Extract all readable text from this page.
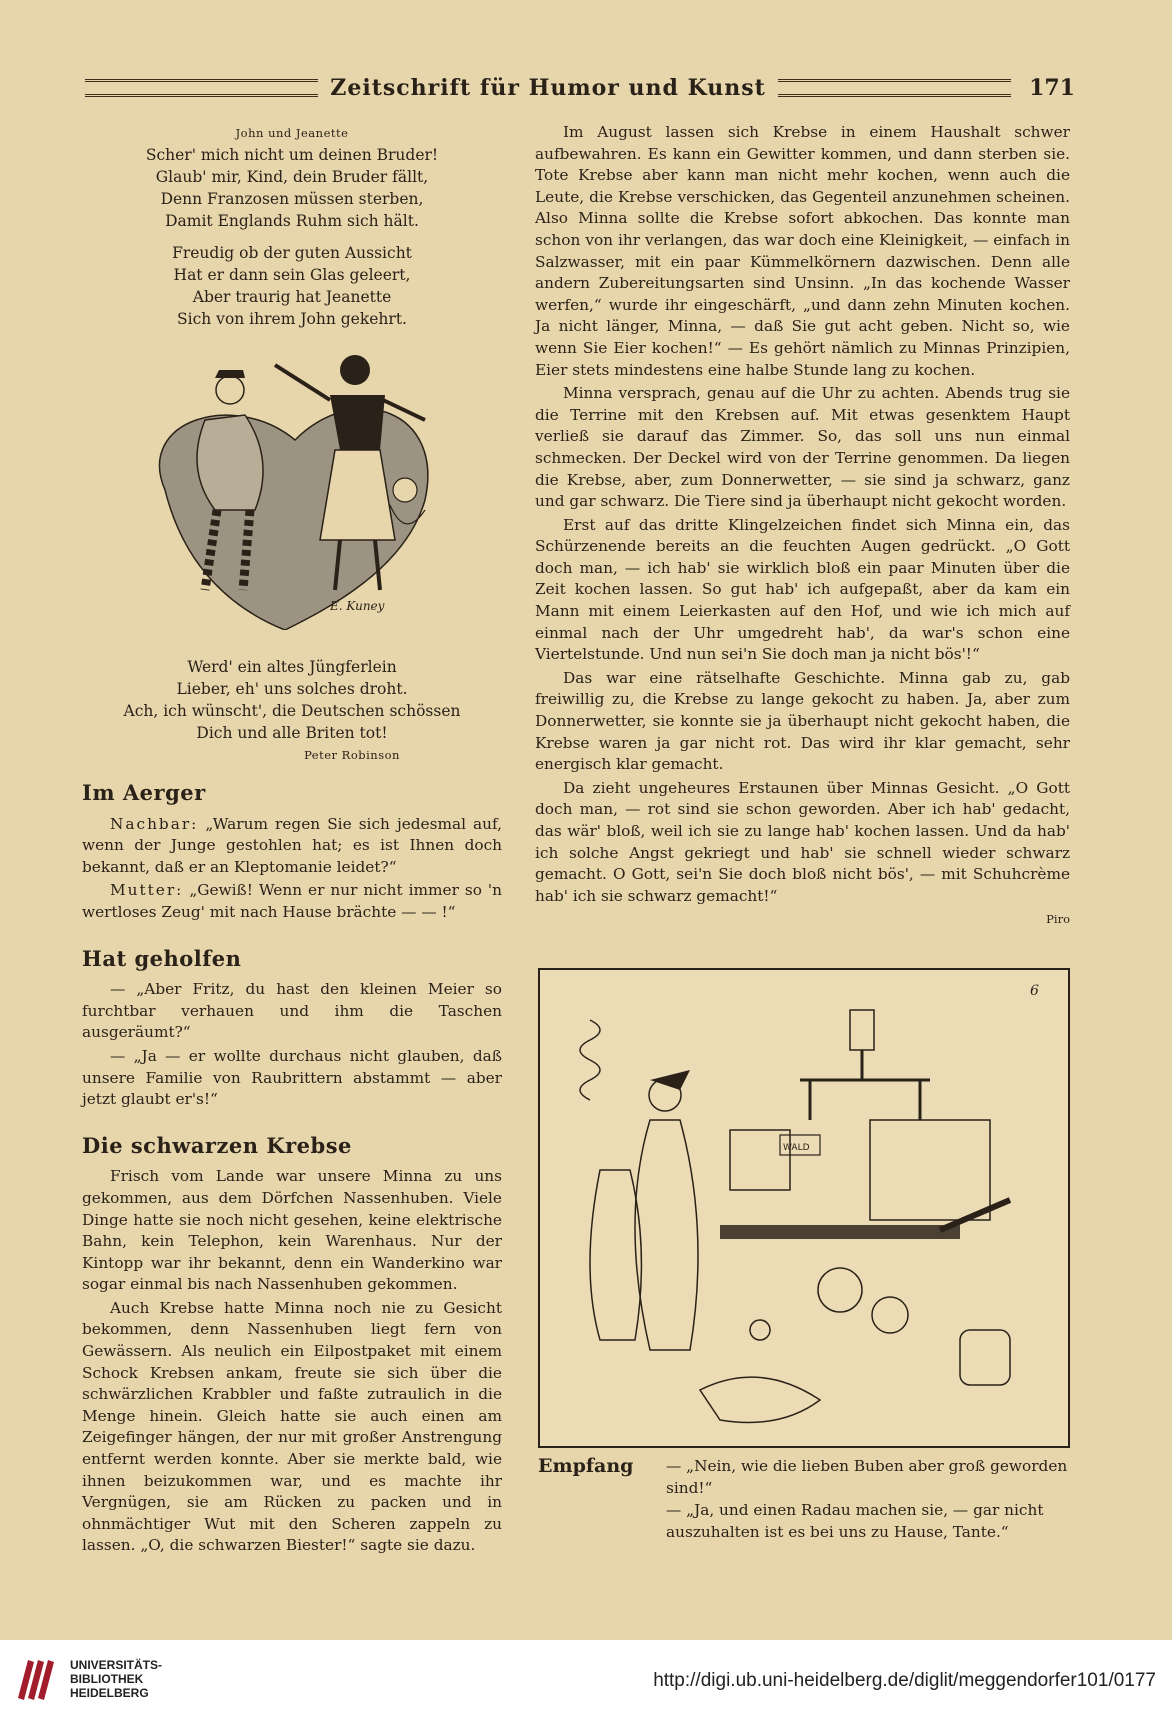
Zeitschrift für Humor und Kunst	171
John und Jeanette
Scher' mich nicht um deinen Bruder!
Glaub' mir, Kind, dein Bruder fällt,
Denn Franzosen müssen sterben,
Damit Englands Ruhm sich hält.
Freudig ob der guten Aussicht
Hat er dann sein Glas geleert,
Aber traurig hat Jeanette
Sich von ihrem John gekehrt.
E. Kuney
Werd' ein altes Jüngferlein
Lieber, eh' uns solches droht.
Ach, ich wünscht', die Deutschen schössen
Dich und alle Briten tot!
Peter Robinson
Im Aerger

Nachbar: „Warum regen Sie sich jedesmal auf, wenn der Junge gestohlen hat; es ist Ihnen doch bekannt, daß er an Kleptomanie leidet?“

Mutter: „Gewiß! Wenn er nur nicht immer so 'n wertloses Zeug' mit nach Hause brächte — — !“

Hat geholfen

— „Aber Fritz, du hast den kleinen Meier so furchtbar verhauen und ihm die Taschen ausgeräumt?“

— „Ja — er wollte durchaus nicht glauben, daß unsere Familie von Raubrittern abstammt — aber jetzt glaubt er's!“

Die schwarzen Krebse

Frisch vom Lande war unsere Minna zu uns gekommen, aus dem Dörfchen Nassenhuben. Viele Dinge hatte sie noch nicht gesehen, keine elektrische Bahn, kein Telephon, kein Warenhaus. Nur der Kintopp war ihr bekannt, denn ein Wanderkino war sogar einmal bis nach Nassenhuben gekommen.

Auch Krebse hatte Minna noch nie zu Gesicht bekommen, denn Nassenhuben liegt fern von Gewässern. Als neulich ein Eilpostpaket mit einem Schock Krebsen ankam, freute sie sich über die schwärzlichen Krabbler und faßte zutraulich in die Menge hinein. Gleich hatte sie auch einen am Zeigefinger hängen, der nur mit großer Anstrengung entfernt werden konnte. Aber sie merkte bald, wie ihnen beizukommen war, und es machte ihr Vergnügen, sie am Rücken zu packen und in ohnmächtiger Wut mit den Scheren zappeln zu lassen. „O, die schwarzen Biester!“ sagte sie dazu.

Im August lassen sich Krebse in einem Haushalt schwer aufbewahren. Es kann ein Gewitter kommen, und dann sterben sie. Tote Krebse aber kann man nicht mehr kochen, wenn auch die Leute, die Krebse verschicken, das Gegenteil anzunehmen scheinen. Also Minna sollte die Krebse sofort abkochen. Das konnte man schon von ihr verlangen, das war doch eine Kleinigkeit, — einfach in Salzwasser, mit ein paar Kümmelkörnern dazwischen. Denn alle andern Zubereitungsarten sind Unsinn. „In das kochende Wasser werfen,“ wurde ihr eingeschärft, „und dann zehn Minuten kochen. Ja nicht länger, Minna, — daß Sie gut acht geben. Nicht so, wie wenn Sie Eier kochen!“ — Es gehört nämlich zu Minnas Prinzipien, Eier stets mindestens eine halbe Stunde lang zu kochen.

Minna versprach, genau auf die Uhr zu achten. Abends trug sie die Terrine mit den Krebsen auf. Mit etwas gesenktem Haupt verließ sie darauf das Zimmer. So, das soll uns nun einmal schmecken. Der Deckel wird von der Terrine genommen. Da liegen die Krebse, aber, zum Donnerwetter, — sie sind ja schwarz, ganz und gar schwarz. Die Tiere sind ja überhaupt nicht gekocht worden.

Erst auf das dritte Klingelzeichen findet sich Minna ein, das Schürzenende bereits an die feuchten Augen gedrückt. „O Gott doch man, — ich hab' sie wirklich bloß ein paar Minuten über die Zeit kochen lassen. So gut hab' ich aufgepaßt, aber da kam ein Mann mit einem Leierkasten auf den Hof, und wie ich mich auf einmal nach der Uhr umgedreht hab', da war's schon eine Viertelstunde. Und nun sei'n Sie doch man ja nicht bös'!“

Das war eine rätselhafte Geschichte. Minna gab zu, gab freiwillig zu, die Krebse zu lange gekocht zu haben. Ja, aber zum Donnerwetter, sie konnte sie ja überhaupt nicht gekocht haben, die Krebse waren ja gar nicht rot. Das wird ihr klar gemacht, sehr energisch klar gemacht.

Da zieht ungeheures Erstaunen über Minnas Gesicht. „O Gott doch man, — rot sind sie schon geworden. Aber ich hab' gedacht, das wär' bloß, weil ich sie zu lange hab' kochen lassen. Und da hab' ich solche Angst gekriegt und hab' sie schnell wieder schwarz gemacht. O Gott, sei'n Sie doch bloß nicht bös', — mit Schuhcrème hab' ich sie schwarz gemacht!“

Piro
6
WALD
Empfang	— „Nein, wie die lieben Buben aber groß geworden sind!“
— „Ja, und einen Radau machen sie, — gar nicht auszuhalten ist es bei uns zu Hause, Tante.“
UNIVERSITÄTS-
BIBLIOTHEK
HEIDELBERG
http://digi.ub.uni-heidelberg.de/diglit/meggendorfer101/0177
